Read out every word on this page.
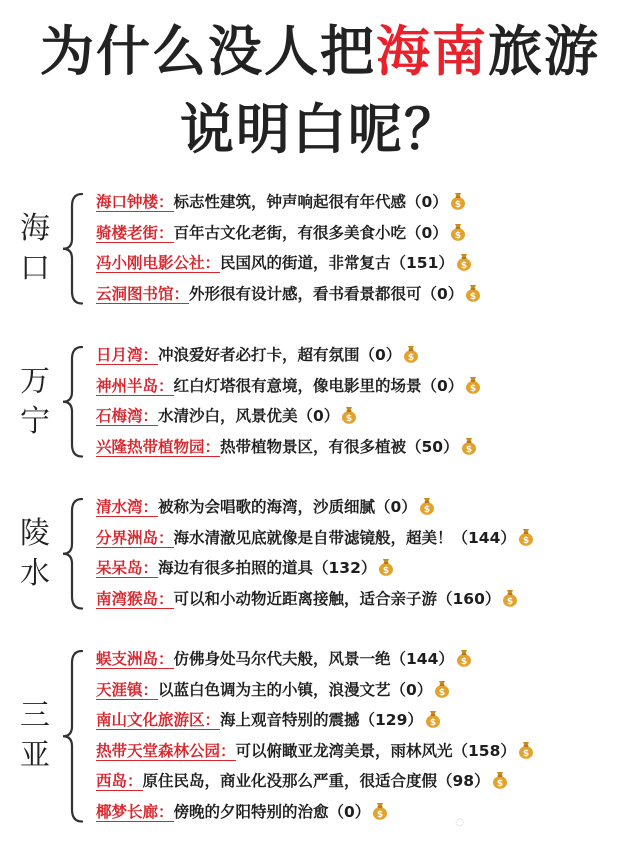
为什么没人把海南旅游
说明白呢？
海
口
海口钟楼：标志性建筑，钟声响起很有年代感（0） $
骑楼老街：百年古文化老街，有很多美食小吃（0） $
冯小刚电影公社：民国风的街道，非常复古（151） $
云洞图书馆：外形很有设计感，看书看景都很可（0） $
万
宁
日月湾：冲浪爱好者必打卡，超有氛围（0） $
神州半岛：红白灯塔很有意境，像电影里的场景（0） $
石梅湾：水清沙白，风景优美（0） $
兴隆热带植物园：热带植物景区，有很多植被（50） $
陵
水
清水湾：被称为会唱歌的海湾，沙质细腻（0） $
分界洲岛：海水清澈见底就像是自带滤镜般，超美！（144） $
呆呆岛：海边有很多拍照的道具（132） $
南湾猴岛：可以和小动物近距离接触，适合亲子游（160） $
三
亚
蜈支洲岛：仿佛身处马尔代夫般，风景一绝（144） $
天涯镇：以蓝白色调为主的小镇，浪漫文艺（0） $
南山文化旅游区：海上观音特别的震撼（129） $
热带天堂森林公园：可以俯瞰亚龙湾美景，雨林风光（158） $
西岛：原住民岛，商业化没那么严重，很适合度假（98） $
椰梦长廊：傍晚的夕阳特别的治愈（0） $
◌
